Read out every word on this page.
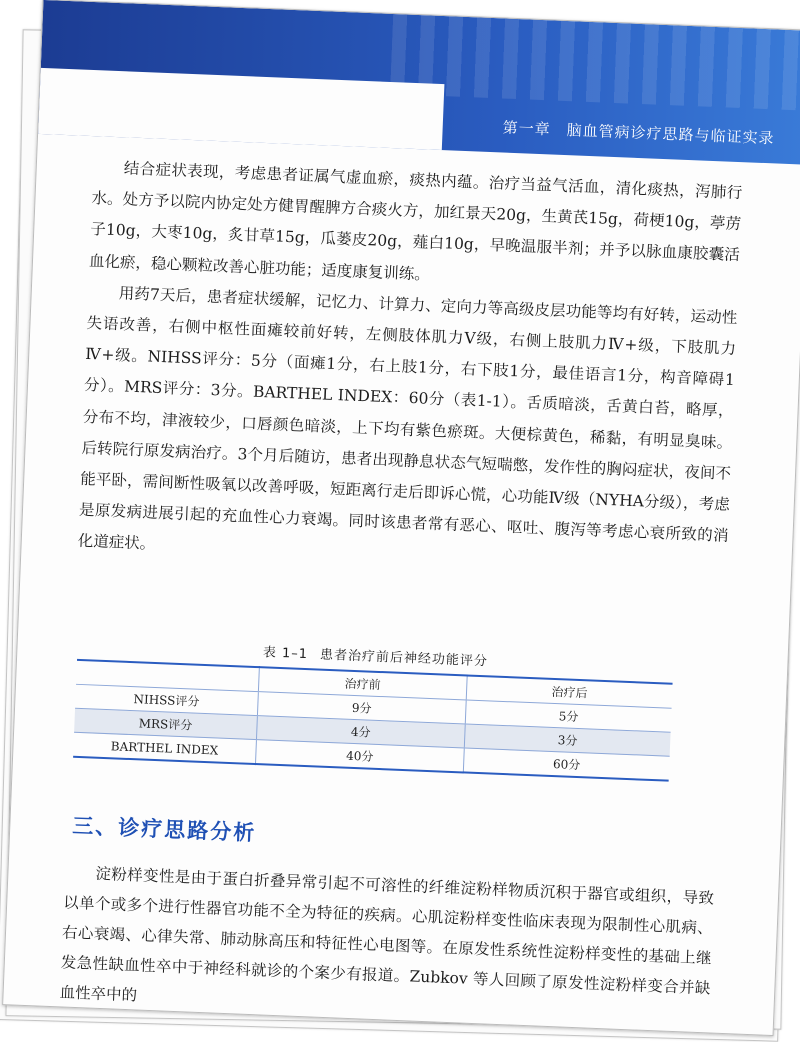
第一章　脑血管病诊疗思路与临证实录

结合症状表现，考虑患者证属气虚血瘀，痰热内蕴。治疗当益气活血，清化痰热，泻肺行水。处方予以院内协定处方健胃醒脾方合痰火方，加红景天20g，生黄芪15g，荷梗10g，葶苈子10g，大枣10g，炙甘草15g，瓜蒌皮20g，薤白10g，早晚温服半剂；并予以脉血康胶囊活血化瘀，稳心颗粒改善心脏功能；适度康复训练。

用药7天后，患者症状缓解，记忆力、计算力、定向力等高级皮层功能等均有好转，运动性失语改善，右侧中枢性面瘫较前好转，左侧肢体肌力Ⅴ级，右侧上肢肌力Ⅳ+级，下肢肌力Ⅳ+级。NIHSS评分：5分（面瘫1分，右上肢1分，右下肢1分，最佳语言1分，构音障碍1分）。MRS评分：3分。BARTHEL INDEX：60分（表1-1）。舌质暗淡，舌黄白苔，略厚，分布不均，津液较少，口唇颜色暗淡，上下均有紫色瘀斑。大便棕黄色，稀黏，有明显臭味。后转院行原发病治疗。3个月后随访，患者出现静息状态气短喘憋，发作性的胸闷症状，夜间不能平卧，需间断性吸氧以改善呼吸，短距离行走后即诉心慌，心功能Ⅳ级（NYHA分级），考虑是原发病进展引起的充血性心力衰竭。同时该患者常有恶心、呕吐、腹泻等考虑心衰所致的消化道症状。

表 1–1 患者治疗前后神经功能评分
	治疗前	治疗后
NIHSS评分	9分	5分
MRS评分	4分	3分
BARTHEL INDEX	40分	60分
三、诊疗思路分析

淀粉样变性是由于蛋白折叠异常引起不可溶性的纤维淀粉样物质沉积于器官或组织，导致以单个或多个进行性器官功能不全为特征的疾病。心肌淀粉样变性临床表现为限制性心肌病、右心衰竭、心律失常、肺动脉高压和特征性心电图等。在原发性系统性淀粉样变性的基础上继发急性缺血性卒中于神经科就诊的个案少有报道。Zubkov 等人回顾了原发性淀粉样变合并缺血性卒中的
